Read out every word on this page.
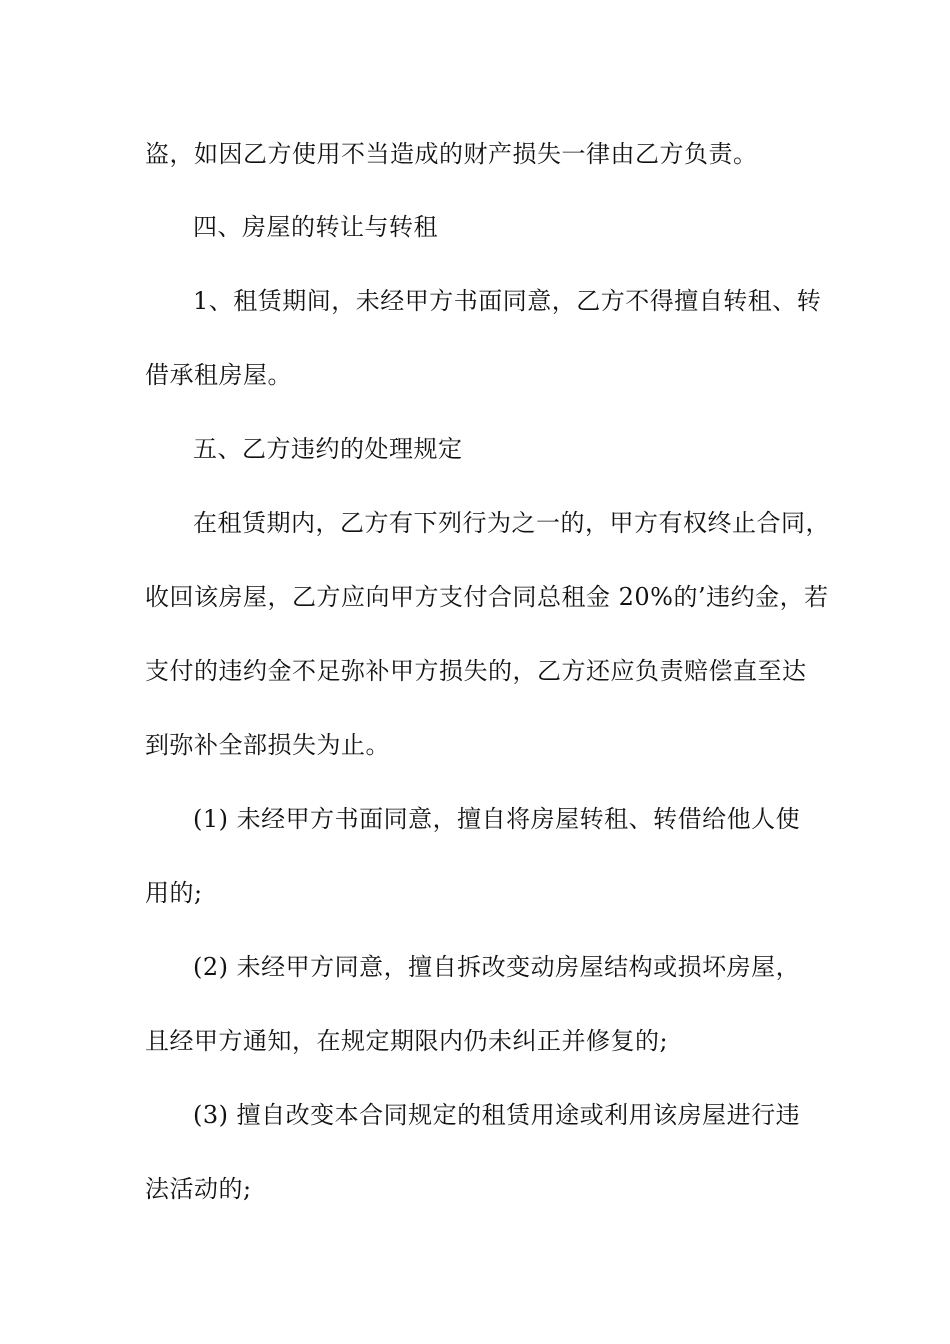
盗，如因乙方使用不当造成的财产损失一律由乙方负责。
四、房屋的转让与转租
1、租赁期间，未经甲方书面同意，乙方不得擅自转租、转
借承租房屋。
五、乙方违约的处理规定
在租赁期内，乙方有下列行为之一的，甲方有权终止合同，
收回该房屋，乙方应向甲方支付合同总租金 20%的’违约金，若
支付的违约金不足弥补甲方损失的，乙方还应负责赔偿直至达
到弥补全部损失为止。
(1) 未经甲方书面同意，擅自将房屋转租、转借给他人使
用的;
(2) 未经甲方同意，擅自拆改变动房屋结构或损坏房屋，
且经甲方通知，在规定期限内仍未纠正并修复的;
(3) 擅自改变本合同规定的租赁用途或利用该房屋进行违
法活动的;
